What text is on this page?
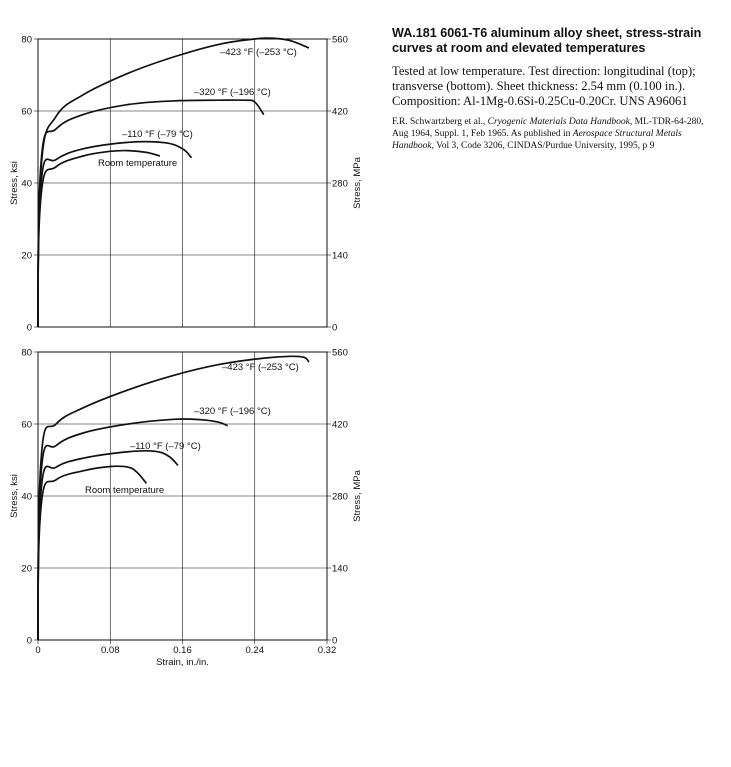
0
20
40
60
80
0
140
280
420
560
Stress, ksi	Stress, MPa
–423 °F (–253 °C)
–320 °F (–196 °C)
–110 °F (–79 °C)
Room temperature
0
20
40
60
80
0
140
280
420
560
0	0.08	0.16	0.24	0.32
Stress, ksi	Stress, MPa
Strain, in./in.
–423 °F (–253 °C)
–320 °F (–196 °C)
–110 °F (–79 °C)
Room temperature

WA.181 6061-T6 aluminum alloy sheet, stress-strain curves at room and elevated temperatures

Tested at low temperature. Test direction: longitudinal (top); transverse (bottom). Sheet thickness: 2.54 mm (0.100 in.). Composition: Al-1Mg-0.6Si-0.25Cu-0.20Cr. UNS A96061

F.R. Schwartzberg et al., Cryogenic Materials Data Handbook, ML-TDR-64-280, Aug 1964, Suppl. 1, Feb 1965. As published in Aerospace Structural Metals Handbook, Vol 3, Code 3206, CINDAS/Purdue University, 1995, p 9
